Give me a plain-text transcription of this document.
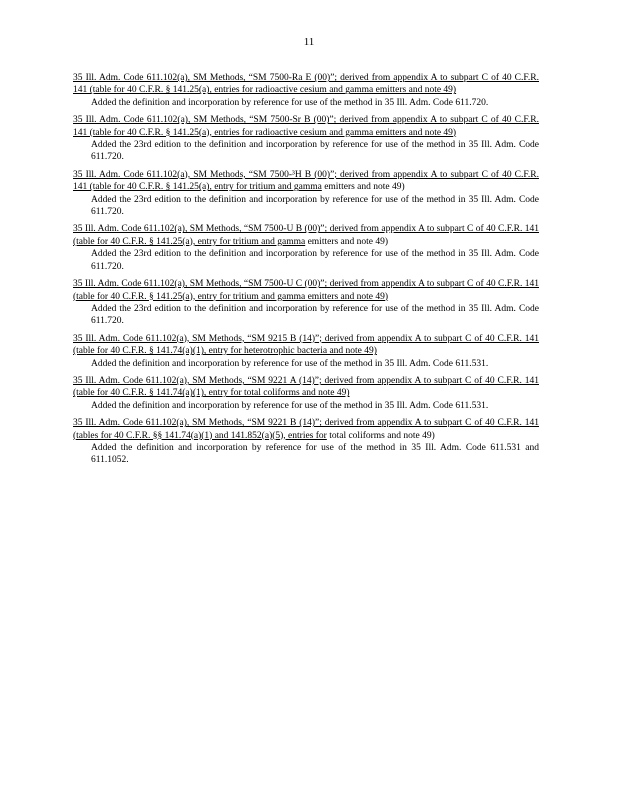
11
35 Ill. Adm. Code 611.102(a), SM Methods, “SM 7500-Ra E (00)”; derived from appendix A to subpart C of 40 C.F.R. 141 (table for 40 C.F.R. § 141.25(a), entries for radioactive cesium and gamma emitters and note 49)
Added the definition and incorporation by reference for use of the method in 35 Ill. Adm. Code 611.720.
35 Ill. Adm. Code 611.102(a), SM Methods, “SM 7500-Sr B (00)”; derived from appendix A to subpart C of 40 C.F.R. 141 (table for 40 C.F.R. § 141.25(a), entries for radioactive cesium and gamma emitters and note 49)
Added the 23rd edition to the definition and incorporation by reference for use of the method in 35 Ill. Adm. Code 611.720.
35 Ill. Adm. Code 611.102(a), SM Methods, “SM 7500-³H B (00)”; derived from appendix A to subpart C of 40 C.F.R. 141 (table for 40 C.F.R. § 141.25(a), entry for tritium and gamma emitters and note 49)
Added the 23rd edition to the definition and incorporation by reference for use of the method in 35 Ill. Adm. Code 611.720.
35 Ill. Adm. Code 611.102(a), SM Methods, “SM 7500-U B (00)”; derived from appendix A to subpart C of 40 C.F.R. 141 (table for 40 C.F.R. § 141.25(a), entry for tritium and gamma emitters and note 49)
Added the 23rd edition to the definition and incorporation by reference for use of the method in 35 Ill. Adm. Code 611.720.
35 Ill. Adm. Code 611.102(a), SM Methods, “SM 7500-U C (00)”; derived from appendix A to subpart C of 40 C.F.R. 141 (table for 40 C.F.R. § 141.25(a), entry for tritium and gamma emitters and note 49)
Added the 23rd edition to the definition and incorporation by reference for use of the method in 35 Ill. Adm. Code 611.720.
35 Ill. Adm. Code 611.102(a), SM Methods, “SM 9215 B (14)”; derived from appendix A to subpart C of 40 C.F.R. 141 (table for 40 C.F.R. § 141.74(a)(1), entry for heterotrophic bacteria and note 49)
Added the definition and incorporation by reference for use of the method in 35 Ill. Adm. Code 611.531.
35 Ill. Adm. Code 611.102(a), SM Methods, “SM 9221 A (14)”; derived from appendix A to subpart C of 40 C.F.R. 141 (table for 40 C.F.R. § 141.74(a)(1), entry for total coliforms and note 49)
Added the definition and incorporation by reference for use of the method in 35 Ill. Adm. Code 611.531.
35 Ill. Adm. Code 611.102(a), SM Methods, “SM 9221 B (14)”; derived from appendix A to subpart C of 40 C.F.R. 141 (tables for 40 C.F.R. §§ 141.74(a)(1) and 141.852(a)(5), entries for total coliforms and note 49)
Added the definition and incorporation by reference for use of the method in 35 Ill. Adm. Code 611.531 and 611.1052.
